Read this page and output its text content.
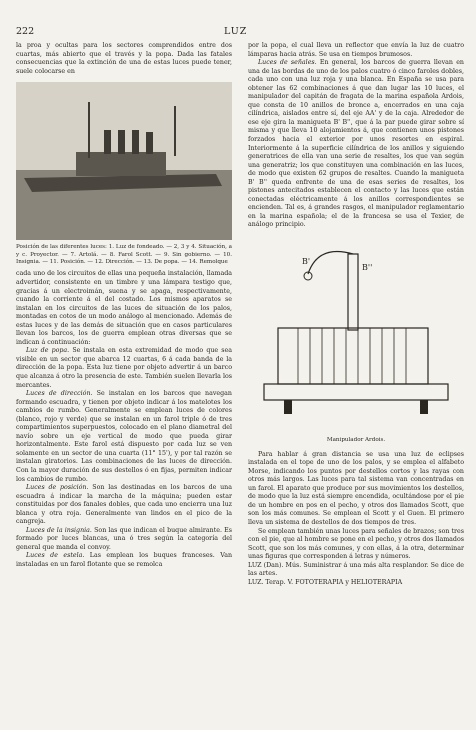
222	LUZ

la proa y ocultas para los sectores comprendidos entre dos cuartas, más abierto que el través y la popa. Dada las fatales consecuencias que la extinción de una de estas luces puede tener, suele colocarse en

Posición de las diferentes luces: 1. Luz de fondeado. — 2, 3 y 4. Situación, a y c. Proyector. — 7. Artolá. — 8. Farol Scott. — 9. Sin gobierno. — 10. Insignia. — 11. Posición. — 12. Dirección. — 13. De popa. — 14. Remolque

cada uno de los circuitos de ellas una pequeña instalación, llamada advertidor, consistente en un timbre y una lámpara testigo que, gracias á un electroimán, suena y se apaga, respectivamente, cuando la corriente á el del costado. Los mismos aparatos se instalan en los circuitos de las luces de situación de los palos, montadas en cotos de un modo análogo al mencionado. Además de estas luces y de las demás de situación que en casos particulares llevan los barcos, los de guerra emplean otras diversas que se indican á continuación:

Luz de popa. Se instala en esta extremidad de modo que sea visible en un sector que abarca 12 cuartas, 6 á cada banda de la dirección de la popa. Esta luz tiene por objeto advertir á un barco que alcanza á otro la presencia de este. También suelen llevarla los mercantes.

Luces de dirección. Se instalan en los barcos que navegan formando escuadra, y tienen por objeto indicar á los matelotes los cambios de rumbo. Generalmente se emplean luces de colores (blanco, rojo y verde) que se instalan en un farol triple ó de tres compartimientos superpuestos, colocado en el plano diametral del navío sobre un eje vertical de modo que pueda girar horizontalmente. Este farol está dispuesto por cada luz se ven solamente en un sector de una cuarta (11° 15'), y por tal razón se instalan giratorios. Las combinaciones de las luces de dirección. Con la mayor duración de sus destellos ó en fijas, permiten indicar los cambios de rumbo.

Luces de posición. Son las destinadas en los barcos de una escuadra á indicar la marcha de la máquina; pueden estar constituidas por dos fanales dobles, que cada uno encierra una luz blanca y otra roja. Generalmente van lindos en el pico de la cangreja.

Luces de la insignia. Son las que indican el buque almirante. Es formado por luces blancas, una ó tres según la categoría del general que manda el convoy.

Luces de estela. Las emplean los buques franceses. Van instaladas en un farol flotante que se remolca

por la popa, el cual lleva un reflector que envía la luz de cuatro lámparas hacia atrás. Se usa en tiempos brumosos.

Luces de señales. En general, los barcos de guerra llevan en una de las bordas de uno de los palos cuatro ó cinco faroles dobles, cada uno con una luz roja y una blanca. En España se usa para obtener las 62 combinaciones á que dan lugar las 10 luces, el manipulador del capitán de fragata de la marina española Ardois, que consta de 10 anillos de bronce a, encerrados en una caja cilíndrica, aislados entre sí, del eje AA' y de la caja. Alrededor de ese eje gira la manigueta B' B'', que á la par puede girar sobre sí misma y que lleva 10 alojamientos á, que contienen unos pistones forzados hacia el exterior por unos resortes en espiral. Interiormente á la superficie cilíndrica de los anillos y siguiendo generatrices de ella van una serie de resaltes, los que van según una generatriz; los que constituyen una combinación en las luces, de modo que existen 62 grupos de resaltes. Cuando la manigueta B' B'' queda enfrente de una de esas series de resaltes, los pistones antecitados establecen el contacto y las luces que están conectadas eléctricamente á los anillos correspondientes se encienden. Tal es, á grandes rasgos, el manipulador reglamentario en la marina española; el de la francesa se usa el Texier, de análogo principio.

B'
B''
Manipulador Ardois.

Para hablar á gran distancia se usa una luz de eclipses instalada en el tope de uno de los palos, y se emplea el alfabeto Morse, indicando los puntos por destellos cortos y las rayas con otros más largos. Las luces para tal sistema van concentradas en un farol. El aparato que produce por sus movimientos los destellos, de modo que la luz está siempre encendida, ocultándose por el pie de un hombre en pos en el pecho, y otros dos llamados Scott, que son los más comunes. Se emplean el Scott y el Guen. El primero lleva un sistema de destellos de dos tiempos de tres.

Se emplean también unas luces para señales de brazos; son tres con el pie, que al hombre se pone en el pecho, y otros dos llamados Scott, que son los más comunes, y con ellas, á la otra, determinar unas figuras que corresponden á letras y números.

LUZ (Dan). Mús. Suministrar á una más alta resplandor. Se dice de las artes.

LUZ. Terap. V. FOTOTERAPIA y HELIOTERAPIA
